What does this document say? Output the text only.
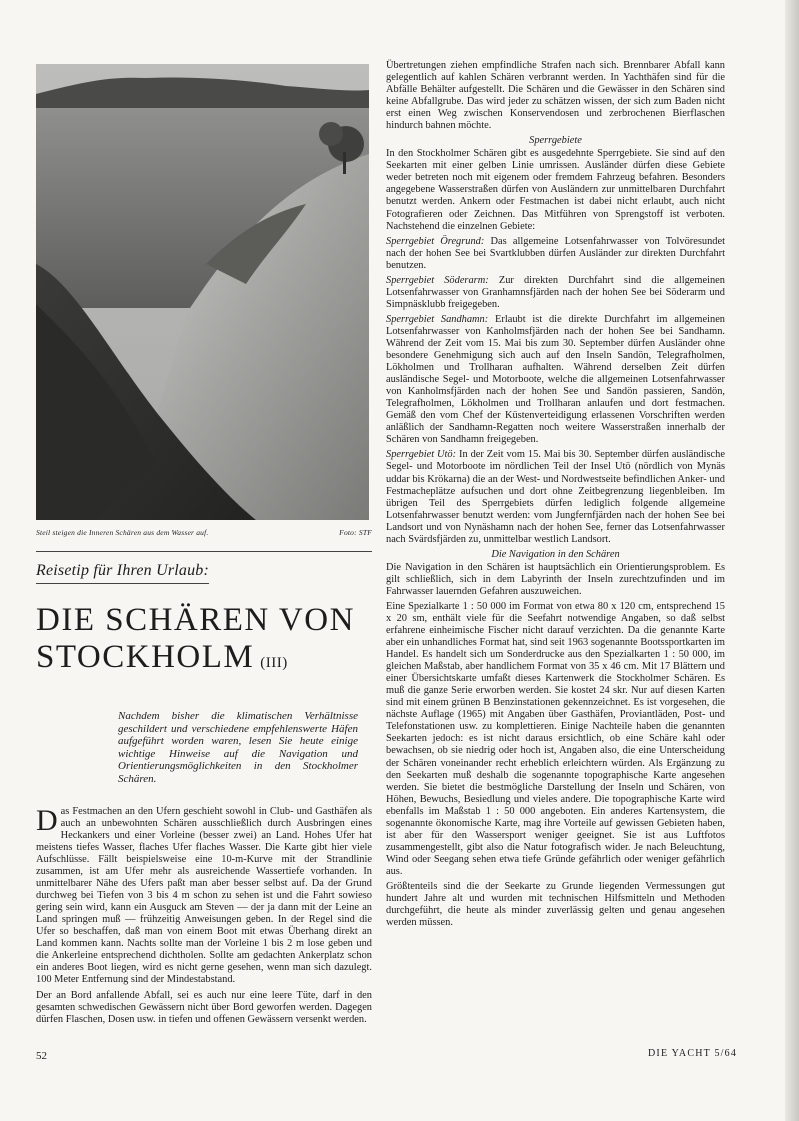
Steil steigen die Inneren Schären aus dem Wasser auf.	Foto: STF
Reisetip für Ihren Urlaub:
DIE SCHÄREN VON
STOCKHOLM (III)
Nachdem bisher die klimatischen Verhältnisse geschildert und verschiedene empfehlenswerte Häfen aufgeführt worden waren, lesen Sie heute einige wichtige Hinweise auf die Navigation und Orientierungsmöglichkeiten in den Stockholmer Schären.

Das Festmachen an den Ufern geschieht sowohl in Club- und Gasthäfen als auch an unbewohnten Schären ausschließlich durch Ausbringen eines Heckankers und einer Vorleine (besser zwei) an Land. Hohes Ufer hat meistens tiefes Wasser, flaches Ufer flaches Wasser. Die Karte gibt hier viele Aufschlüsse. Fällt beispielsweise eine 10-m-Kurve mit der Strandlinie zusammen, ist am Ufer mehr als ausreichende Wassertiefe vorhanden. In unmittelbarer Nähe des Ufers paßt man aber besser selbst auf. Da der Grund durchweg bei Tiefen von 3 bis 4 m schon zu sehen ist und die Fahrt sowieso gering sein wird, kann ein Ausguck am Steven — der ja dann mit der Leine an Land springen muß — frühzeitig Anweisungen geben. In der Regel sind die Ufer so beschaffen, daß man von einem Boot mit etwas Überhang direkt an Land kommen kann. Nachts sollte man der Vorleine 1 bis 2 m lose geben und die Ankerleine entsprechend dichtholen. Sollte am gedachten Ankerplatz schon ein anderes Boot liegen, wird es nicht gerne gesehen, wenn man sich dazulegt. 100 Meter Entfernung sind der Mindestabstand.

Der an Bord anfallende Abfall, sei es auch nur eine leere Tüte, darf in den gesamten schwedischen Gewässern nicht über Bord geworfen werden. Dagegen dürfen Flaschen, Dosen usw. in tiefen und offenen Gewässern versenkt werden.

Übertretungen ziehen empfindliche Strafen nach sich. Brennbarer Abfall kann gelegentlich auf kahlen Schären verbrannt werden. In Yachthäfen sind für die Abfälle Behälter aufgestellt. Die Schären und die Gewässer in den Schären sind keine Abfallgrube. Das wird jeder zu schätzen wissen, der sich zum Baden nicht erst einen Weg zwischen Konservendosen und zerbrochenen Bierflaschen hindurch bahnen möchte.

Sperrgebiete

In den Stockholmer Schären gibt es ausgedehnte Sperrgebiete. Sie sind auf den Seekarten mit einer gelben Linie umrissen. Ausländer dürfen diese Gebiete weder betreten noch mit eigenem oder fremdem Fahrzeug befahren. Besonders angegebene Wasserstraßen dürfen von Ausländern zur unmittelbaren Durchfahrt benutzt werden. Ankern oder Festmachen ist dabei nicht erlaubt, auch nicht Fotografieren oder Zeichnen. Das Mitführen von Sprengstoff ist verboten. Nachstehend die einzelnen Gebiete:

Sperrgebiet Öregrund: Das allgemeine Lotsenfahrwasser von Tolvöresundet nach der hohen See bei Svartklubben dürfen Ausländer zur direkten Durchfahrt benutzen.

Sperrgebiet Söderarm: Zur direkten Durchfahrt sind die allgemeinen Lotsenfahrwasser von Granhamnsfjärden nach der hohen See bei Söderarm und Simpnäsklubb freigegeben.

Sperrgebiet Sandhamn: Erlaubt ist die direkte Durchfahrt im allgemeinen Lotsenfahrwasser von Kanholmsfjärden nach der hohen See bei Sandhamn. Während der Zeit vom 15. Mai bis zum 30. September dürfen Ausländer ohne besondere Genehmigung sich auch auf den Inseln Sandön, Telegrafholmen, Lökholmen und Trollharan aufhalten. Während derselben Zeit dürfen ausländische Segel- und Motorboote, welche die allgemeinen Lotsenfahrwasser von Kanholmsfjärden nach der hohen See und Sandön passieren, Sandön, Telegrafholmen, Lökholmen und Trollharan anlaufen und dort festmachen. Gemäß den vom Chef der Küstenverteidigung erlassenen Vorschriften werden anläßlich der Sandhamn-Regatten noch weitere Wasserstraßen innerhalb der Schären von Sandhamn freigegeben.

Sperrgebiet Utö: In der Zeit vom 15. Mai bis 30. September dürfen ausländische Segel- und Motorboote im nördlichen Teil der Insel Utö (nördlich von Mynäs uddar bis Krökarna) die an der West- und Nordwestseite befindlichen Anker- und Festmacheplätze aufsuchen und dort ohne Zeitbegrenzung liegenbleiben. Im übrigen Teil des Sperrgebiets dürfen lediglich folgende allgemeine Lotsenfahrwasser benutzt werden: vom Jungfernfjärden nach der hohen See bei Landsort und von Nynäshamn nach der hohen See, ferner das Lotsenfahrwasser nach Svärdsfjärden zu, unmittelbar westlich Landsort.

Die Navigation in den Schären

Die Navigation in den Schären ist hauptsächlich ein Orientierungsproblem. Es gilt schließlich, sich in dem Labyrinth der Inseln zurechtzufinden und im Fahrwasser lauernden Gefahren auszuweichen.

Eine Spezialkarte 1 : 50 000 im Format von etwa 80 x 120 cm, entsprechend 15 x 20 sm, enthält viele für die Seefahrt notwendige Angaben, so daß selbst erfahrene einheimische Fischer nicht darauf verzichten. Da die genannte Karte aber ein unhandliches Format hat, sind seit 1963 sogenannte Bootssportkarten im Handel. Es handelt sich um Sonderdrucke aus den Spezialkarten 1 : 50 000, im gleichen Maßstab, aber handlichem Format von 35 x 46 cm. Mit 17 Blättern und einer Übersichtskarte umfaßt dieses Kartenwerk die Stockholmer Schären. Es muß die ganze Serie erworben werden. Sie kostet 24 skr. Nur auf diesen Karten sind mit einem grünen B Benzinstationen gekennzeichnet. Es ist vorgesehen, die nächste Auflage (1965) mit Angaben über Gasthäfen, Proviantläden, Post- und Telefonstationen usw. zu komplettieren. Einige Nachteile haben die genannten Seekarten jedoch: es ist nicht daraus ersichtlich, ob eine Schäre kahl oder bewachsen, ob sie niedrig oder hoch ist, Angaben also, die eine Unterscheidung der Schären voneinander recht erheblich erleichtern würden. Als Ergänzung zu den Seekarten muß deshalb die sogenannte topographische Karte angesehen werden. Sie bietet die bestmögliche Darstellung der Inseln und Schären, von Höhen, Bewuchs, Besiedlung und vieles andere. Die topographische Karte wird ebenfalls im Maßstab 1 : 50 000 angeboten. Ein anderes Kartensystem, die sogenannte ökonomische Karte, mag ihre Vorteile auf gewissen Gebieten haben, ist aber für den Wassersport weniger geeignet. Sie ist aus Luftfotos zusammengestellt, gibt also die Natur fotografisch wider. Je nach Beleuchtung, Wind oder Seegang sehen etwa tiefe Gründe gefährlich oder weniger gefährlich aus.

Größtenteils sind die der Seekarte zu Grunde liegenden Vermessungen gut hundert Jahre alt und wurden mit technischen Hilfsmitteln und Methoden durchgeführt, die heute als minder zuverlässig gelten und genau angesehen werden müssen.

52	DIE YACHT 5/64
